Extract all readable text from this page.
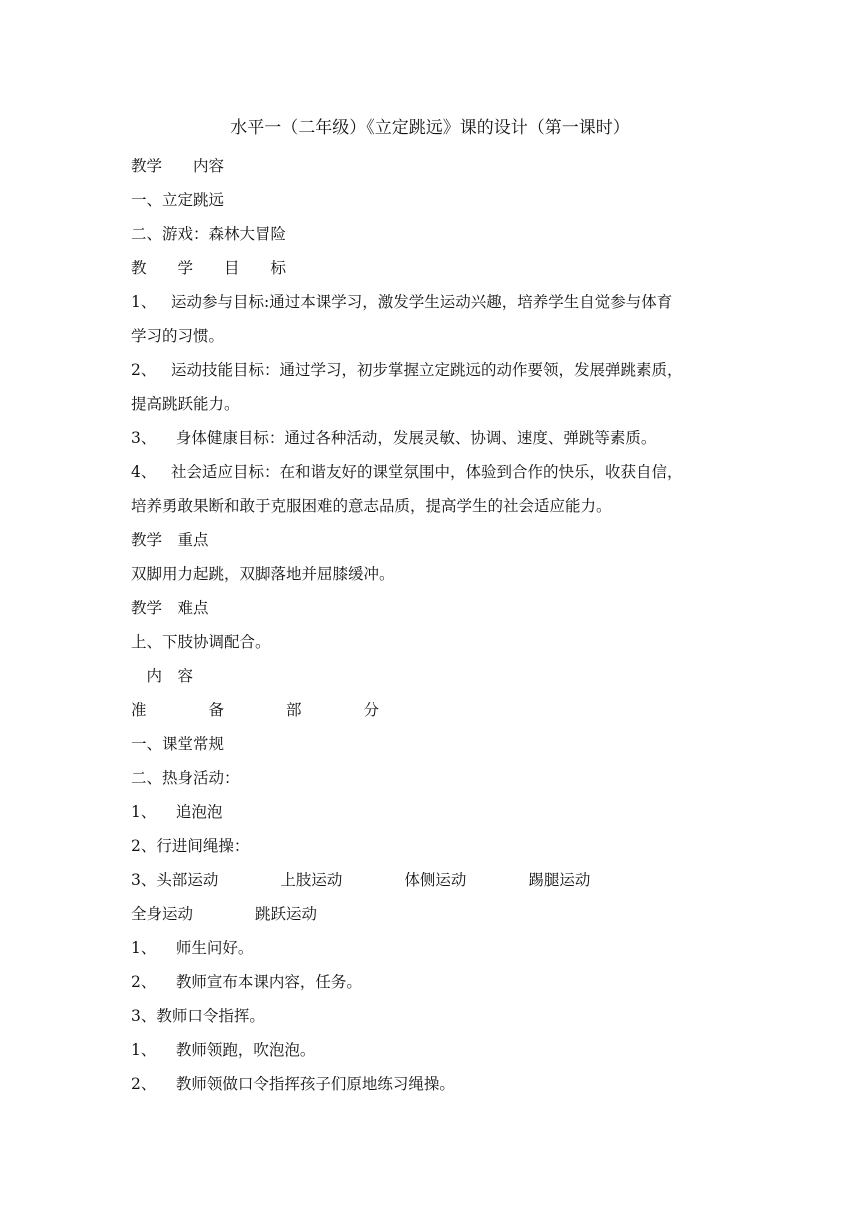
水平一（二年级）《立定跳远》课的设计（第一课时）
教学　　内容
一、立定跳远
二、游戏：森林大冒险
教　　学　　目　　标
1、 运动参与目标:通过本课学习，激发学生运动兴趣，培养学生自觉参与体育
学习的习惯。
2、 运动技能目标：通过学习，初步掌握立定跳远的动作要领，发展弹跳素质，
提高跳跃能力。
3、 身体健康目标：通过各种活动，发展灵敏、协调、速度、弹跳等素质。
4、 社会适应目标：在和谐友好的课堂氛围中，体验到合作的快乐，收获自信，
培养勇敢果断和敢于克服困难的意志品质，提高学生的社会适应能力。
教学　重点
双脚用力起跳，双脚落地并屈膝缓冲。
教学　难点
上、下肢协调配合。
　内　容
准　　　　备　　　　部　　　　分
一、课堂常规
二、热身活动：
1、 追泡泡
2、行进间绳操：
3、头部运动　　　　上肢运动　　　　体侧运动　　　　踢腿运动
全身运动　　　　跳跃运动
1、 师生问好。
2、 教师宣布本课内容，任务。
3、教师口令指挥。
1、 教师领跑，吹泡泡。
2、 教师领做口令指挥孩子们原地练习绳操。
